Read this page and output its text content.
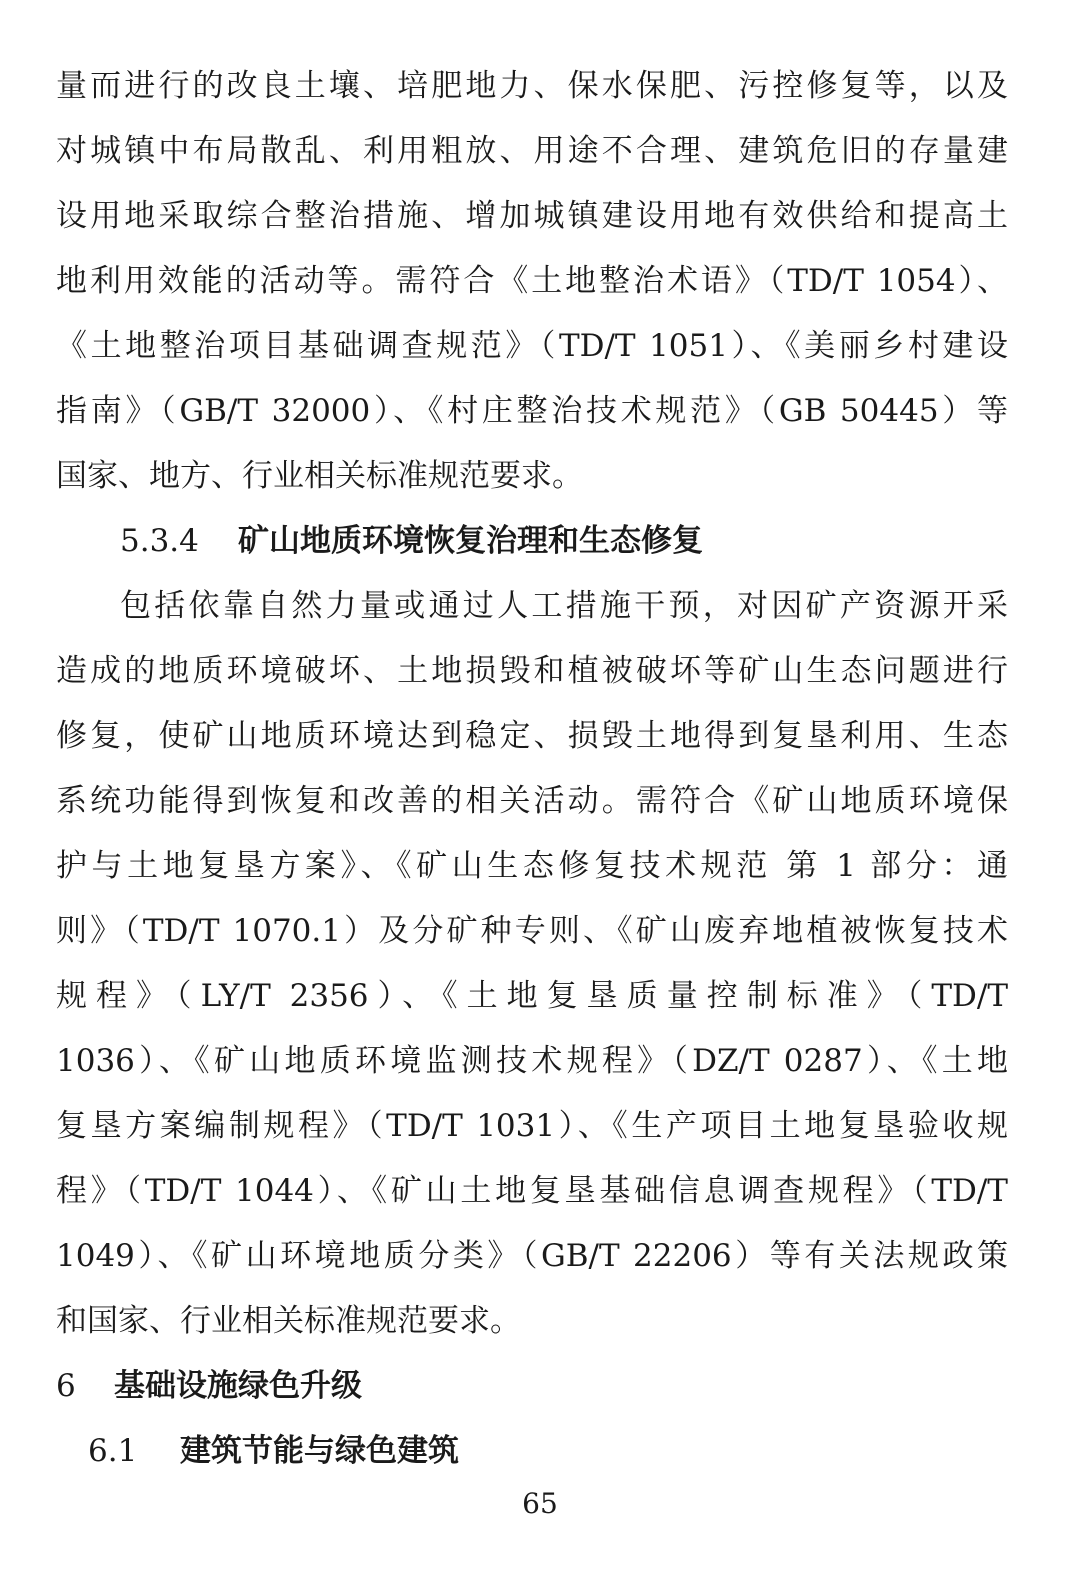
量而进行的改良土壤、培肥地力、保水保肥、污控修复等，以及
对城镇中布局散乱、利用粗放、用途不合理、建筑危旧的存量建
设用地采取综合整治措施、增加城镇建设用地有效供给和提高土
地利用效能的活动等。需符合《土地整治术语》（TD/T 1054）、
《土地整治项目基础调查规范》（TD/T 1051）、《美丽乡村建设
指南》（GB/T 32000）、《村庄整治技术规范》（GB 50445）等
国家、地方、行业相关标准规范要求。
5.3.4 矿山地质环境恢复治理和生态修复
包括依靠自然力量或通过人工措施干预，对因矿产资源开采
造成的地质环境破坏、土地损毁和植被破坏等矿山生态问题进行
修复，使矿山地质环境达到稳定、损毁土地得到复垦利用、生态
系统功能得到恢复和改善的相关活动。需符合《矿山地质环境保
护与土地复垦方案》、《矿山生态修复技术规范 第 1 部分：通
则》（TD/T 1070.1）及分矿种专则、《矿山废弃地植被恢复技术
规程》（LY/T 2356）、《土地复垦质量控制标准》（TD/T
1036）、《矿山地质环境监测技术规程》（DZ/T 0287）、《土地
复垦方案编制规程》（TD/T 1031）、《生产项目土地复垦验收规
程》（TD/T 1044）、《矿山土地复垦基础信息调查规程》（TD/T
1049）、《矿山环境地质分类》（GB/T 22206）等有关法规政策
和国家、行业相关标准规范要求。
6 基础设施绿色升级
6.1 建筑节能与绿色建筑
65
